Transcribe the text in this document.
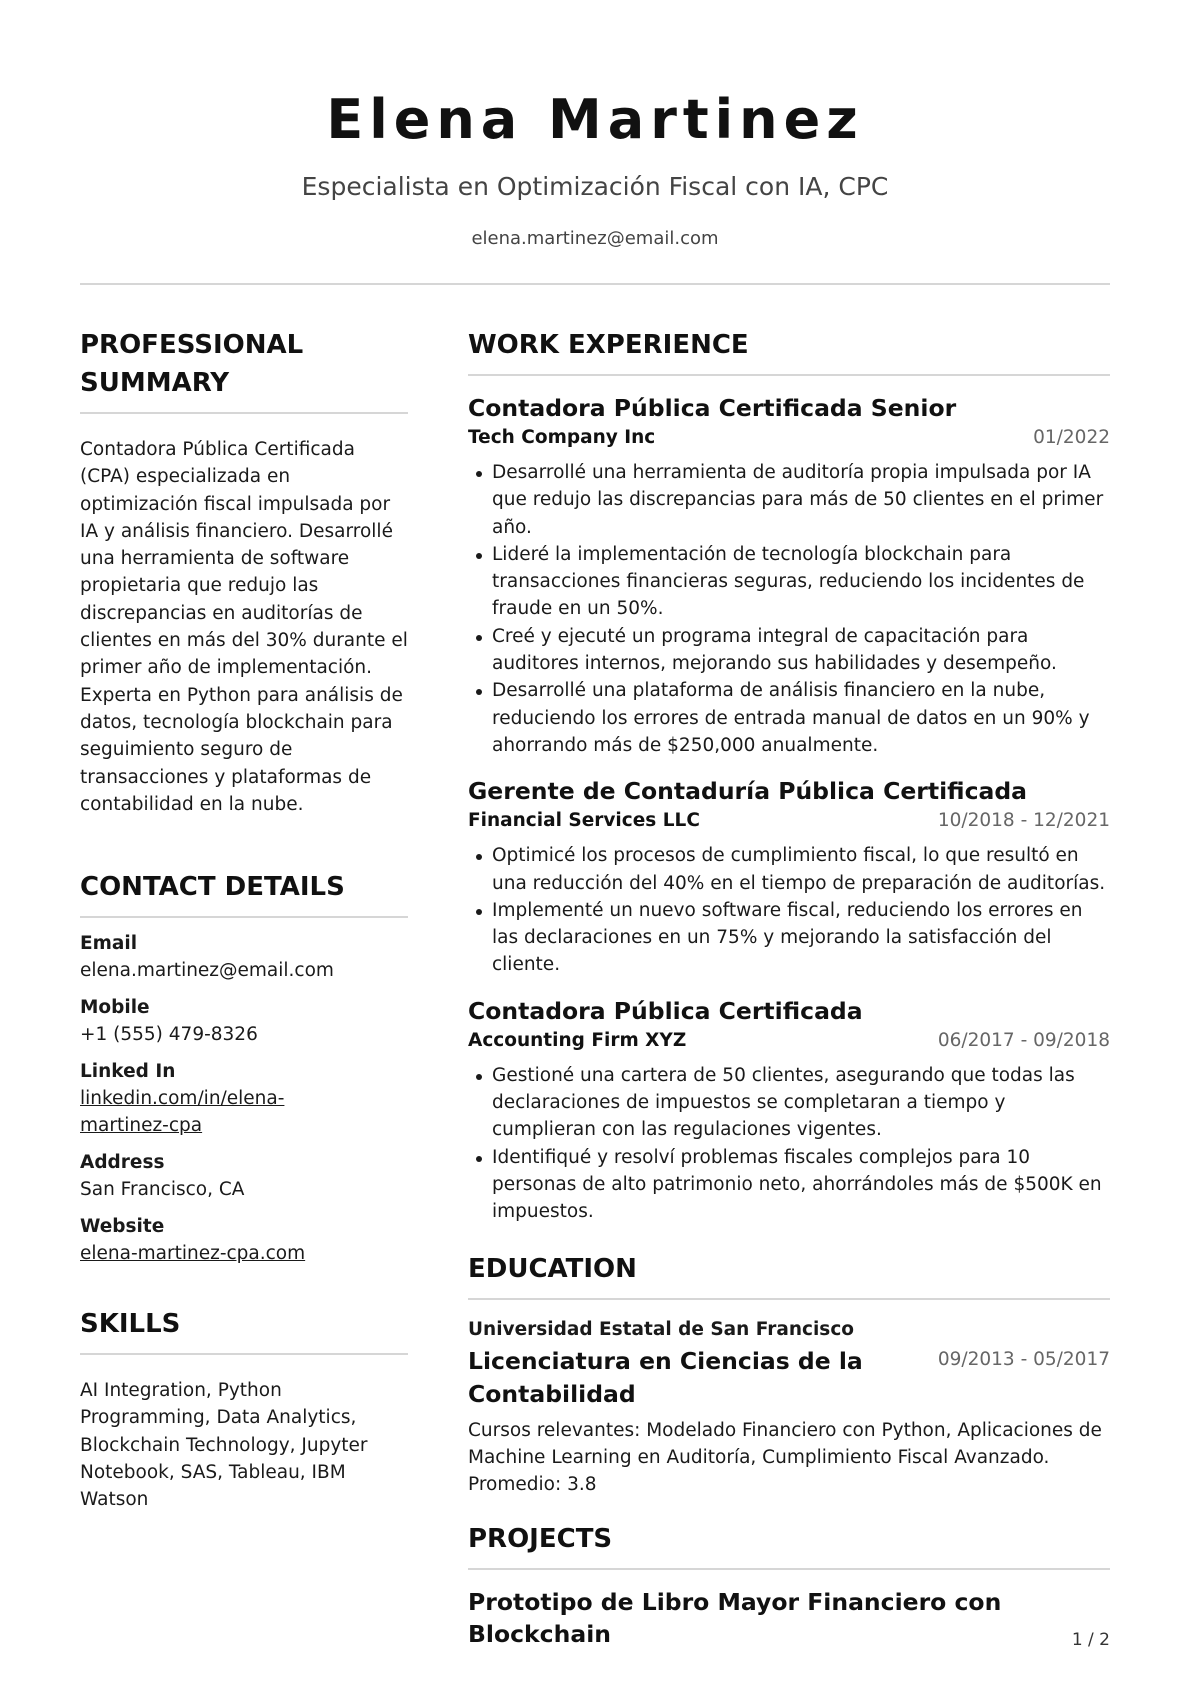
Elena Martinez
Especialista en Optimización Fiscal con IA, CPC
elena.martinez@email.com
PROFESSIONAL SUMMARY
Contadora Pública Certificada (CPA) especializada en optimización fiscal impulsada por IA y análisis financiero. Desarrollé una herramienta de software propietaria que redujo las discrepancias en auditorías de clientes en más del 30% durante el primer año de implementación. Experta en Python para análisis de datos, tecnología blockchain para seguimiento seguro de transacciones y plataformas de contabilidad en la nube.
CONTACT DETAILS
Email
elena.martinez@email.com
Mobile
+1 (555) 479-8326
Linked In
linkedin.com/in/elena-martinez-cpa
Address
San Francisco, CA
Website
elena-martinez-cpa.com
SKILLS
AI Integration, Python Programming, Data Analytics, Blockchain Technology, Jupyter Notebook, SAS, Tableau, IBM Watson
WORK EXPERIENCE
Contadora Pública Certificada Senior
Tech Company Inc	01/2022
Desarrollé una herramienta de auditoría propia impulsada por IA que redujo las discrepancias para más de 50 clientes en el primer año.
Lideré la implementación de tecnología blockchain para transacciones financieras seguras, reduciendo los incidentes de fraude en un 50%.
Creé y ejecuté un programa integral de capacitación para auditores internos, mejorando sus habilidades y desempeño.
Desarrollé una plataforma de análisis financiero en la nube, reduciendo los errores de entrada manual de datos en un 90% y ahorrando más de $250,000 anualmente.
Gerente de Contaduría Pública Certificada
Financial Services LLC	10/2018 - 12/2021
Optimicé los procesos de cumplimiento fiscal, lo que resultó en una reducción del 40% en el tiempo de preparación de auditorías.
Implementé un nuevo software fiscal, reduciendo los errores en las declaraciones en un 75% y mejorando la satisfacción del cliente.
Contadora Pública Certificada
Accounting Firm XYZ	06/2017 - 09/2018
Gestioné una cartera de 50 clientes, asegurando que todas las declaraciones de impuestos se completaran a tiempo y cumplieran con las regulaciones vigentes.
Identifiqué y resolví problemas fiscales complejos para 10 personas de alto patrimonio neto, ahorrándoles más de $500K en impuestos.
EDUCATION
Universidad Estatal de San Francisco
Licenciatura en Ciencias de la Contabilidad
09/2013 - 05/2017
Cursos relevantes: Modelado Financiero con Python, Aplicaciones de Machine Learning en Auditoría, Cumplimiento Fiscal Avanzado. Promedio: 3.8
PROJECTS
Prototipo de Libro Mayor Financiero con Blockchain	1 / 2
